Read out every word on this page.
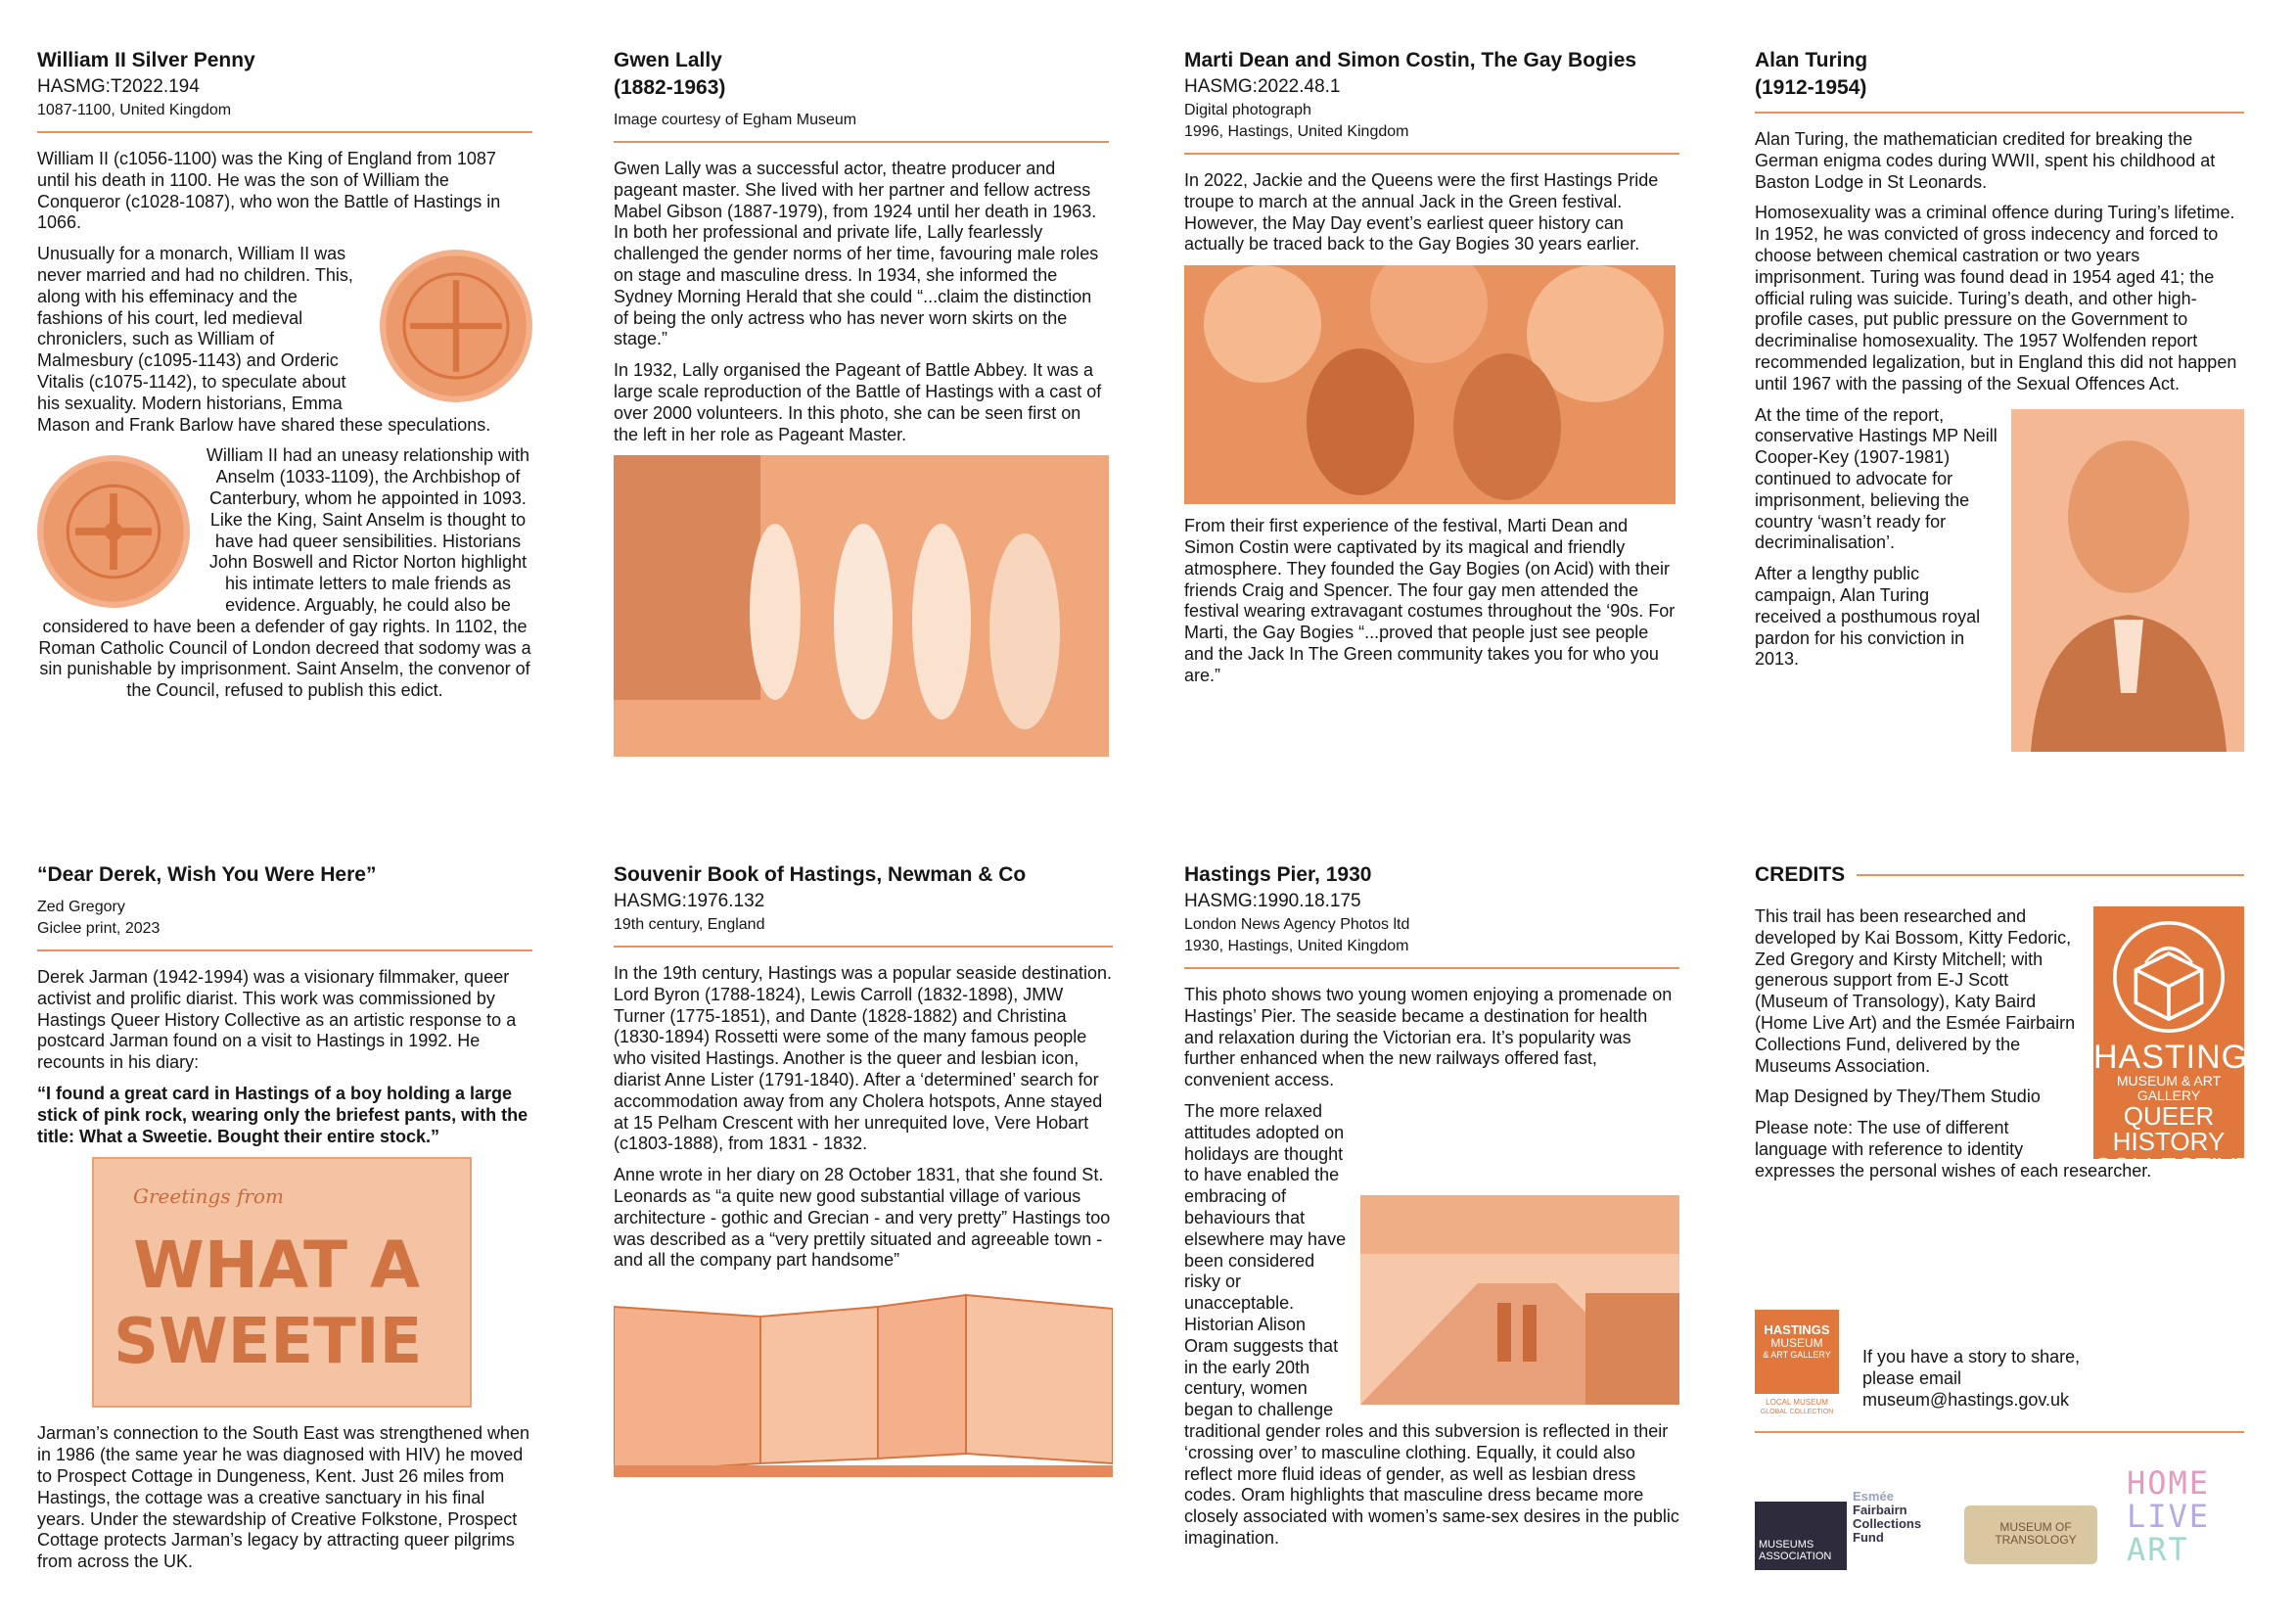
William II Silver Penny
HASMG:T2022.194
1087-1100, United Kingdom

William II (c1056-1100) was the King of England from 1087 until his death in 1100. He was the son of William the Conqueror (c1028-1087), who won the Battle of Hastings in 1066.

Unusually for a monarch, William II was never married and had no children. This, along with his effeminacy and the fashions of his court, led medieval chroniclers, such as William of Malmesbury (c1095-1143) and Orderic Vitalis (c1075-1142), to speculate about his sexuality. Modern historians, Emma Mason and Frank Barlow have shared these speculations.

William II had an uneasy relationship with Anselm (1033-1109), the Archbishop of Canterbury, whom he appointed in 1093. Like the King, Saint Anselm is thought to have had queer sensibilities. Historians John Boswell and Rictor Norton highlight his intimate letters to male friends as evidence. Arguably, he could also be considered to have been a defender of gay rights. In 1102, the Roman Catholic Council of London decreed that sodomy was a sin punishable by imprisonment. Saint Anselm, the convenor of the Council, refused to publish this edict.

Gwen Lally
(1882-1963)
Image courtesy of Egham Museum

Gwen Lally was a successful actor, theatre producer and pageant master. She lived with her partner and fellow actress Mabel Gibson (1887-1979), from 1924 until her death in 1963. In both her professional and private life, Lally fearlessly challenged the gender norms of her time, favouring male roles on stage and masculine dress. In 1934, she informed the Sydney Morning Herald that she could “...claim the distinction of being the only actress who has never worn skirts on the stage.”

In 1932, Lally organised the Pageant of Battle Abbey. It was a large scale reproduction of the Battle of Hastings with a cast of over 2000 volunteers. In this photo, she can be seen first on the left in her role as Pageant Master.

Marti Dean and Simon Costin, The Gay Bogies
HASMG:2022.48.1
Digital photograph
1996, Hastings, United Kingdom

In 2022, Jackie and the Queens were the first Hastings Pride troupe to march at the annual Jack in the Green festival. However, the May Day event’s earliest queer history can actually be traced back to the Gay Bogies 30 years earlier.

From their first experience of the festival, Marti Dean and Simon Costin were captivated by its magical and friendly atmosphere. They founded the Gay Bogies (on Acid) with their friends Craig and Spencer. The four gay men attended the festival wearing extravagant costumes throughout the ‘90s. For Marti, the Gay Bogies “...proved that people just see people and the Jack In The Green community takes you for who you are.”

Alan Turing
(1912-1954)

Alan Turing, the mathematician credited for breaking the German enigma codes during WWII, spent his childhood at Baston Lodge in St Leonards.

Homosexuality was a criminal offence during Turing’s lifetime. In 1952, he was convicted of gross indecency and forced to choose between chemical castration or two years imprisonment. Turing was found dead in 1954 aged 41; the official ruling was suicide. Turing’s death, and other high-profile cases, put public pressure on the Government to decriminalise homosexuality. The 1957 Wolfenden report recommended legalization, but in England this did not happen until 1967 with the passing of the Sexual Offences Act.

At the time of the report, conservative Hastings MP Neill Cooper-Key (1907-1981) continued to advocate for imprisonment, believing the country ‘wasn’t ready for decriminalisation’.

After a lengthy public campaign, Alan Turing received a posthumous royal pardon for his conviction in 2013.

“Dear Derek, Wish You Were Here”
Zed Gregory
Giclee print, 2023

Derek Jarman (1942-1994) was a visionary filmmaker, queer activist and prolific diarist. This work was commissioned by Hastings Queer History Collective as an artistic response to a postcard Jarman found on a visit to Hastings in 1992. He recounts in his diary:

“I found a great card in Hastings of a boy holding a large stick of pink rock, wearing only the briefest pants, with the title: What a Sweetie. Bought their entire stock.”

Greetings from
WHAT A
SWEETIE

Jarman’s connection to the South East was strengthened when in 1986 (the same year he was diagnosed with HIV) he moved to Prospect Cottage in Dungeness, Kent. Just 26 miles from Hastings, the cottage was a creative sanctuary in his final years. Under the stewardship of Creative Folkstone, Prospect Cottage protects Jarman’s legacy by attracting queer pilgrims from across the UK.

Souvenir Book of Hastings, Newman & Co
HASMG:1976.132
19th century, England

In the 19th century, Hastings was a popular seaside destination. Lord Byron (1788-1824), Lewis Carroll (1832-1898), JMW Turner (1775-1851), and Dante (1828-1882) and Christina (1830-1894) Rossetti were some of the many famous people who visited Hastings. Another is the queer and lesbian icon, diarist Anne Lister (1791-1840). After a ‘determined’ search for accommodation away from any Cholera hotspots, Anne stayed at 15 Pelham Crescent with her unrequited love, Vere Hobart (c1803-1888), from 1831 - 1832.

Anne wrote in her diary on 28 October 1831, that she found St. Leonards as “a quite new good substantial village of various architecture - gothic and Grecian - and very pretty” Hastings too was described as a “very prettily situated and agreeable town - and all the company part handsome”

Hastings Pier, 1930
HASMG:1990.18.175
London News Agency Photos ltd
1930, Hastings, United Kingdom

This photo shows two young women enjoying a promenade on Hastings’ Pier. The seaside became a destination for health and relaxation during the Victorian era. It’s popularity was further enhanced when the new railways offered fast, convenient access.

The more relaxed attitudes adopted on holidays are thought to have enabled the embracing of behaviours that elsewhere may have been considered risky or unacceptable. Historian Alison Oram suggests that in the early 20th century, women began to challenge traditional gender roles and this subversion is reflected in their ‘crossing over’ to masculine clothing. Equally, it could also reflect more fluid ideas of gender, as well as lesbian dress codes. Oram highlights that masculine dress became more closely associated with women’s same-sex desires in the public imagination.

CREDITS
HASTINGS
MUSEUM & ART GALLERY
QUEER HISTORY
COLLECTIVE

This trail has been researched and developed by Kai Bossom, Kitty Fedoric, Zed Gregory and Kirsty Mitchell; with generous support from E-J Scott (Museum of Transology), Katy Baird (Home Live Art) and the Esmée Fairbairn Collections Fund, delivered by the Museums Association.

Map Designed by They/Them Studio

Please note: The use of different language with reference to identity expresses the personal wishes of each researcher.

HASTINGS
MUSEUM
& ART GALLERY
LOCAL MUSEUM
GLOBAL COLLECTION

If you have a story to share, please email museum@hastings.gov.uk

MUSEUMS ASSOCIATION
Esmée
Fairbairn
Collections
Fund
MUSEUM OF TRANSOLOGY
HOME
LIVE
ART
